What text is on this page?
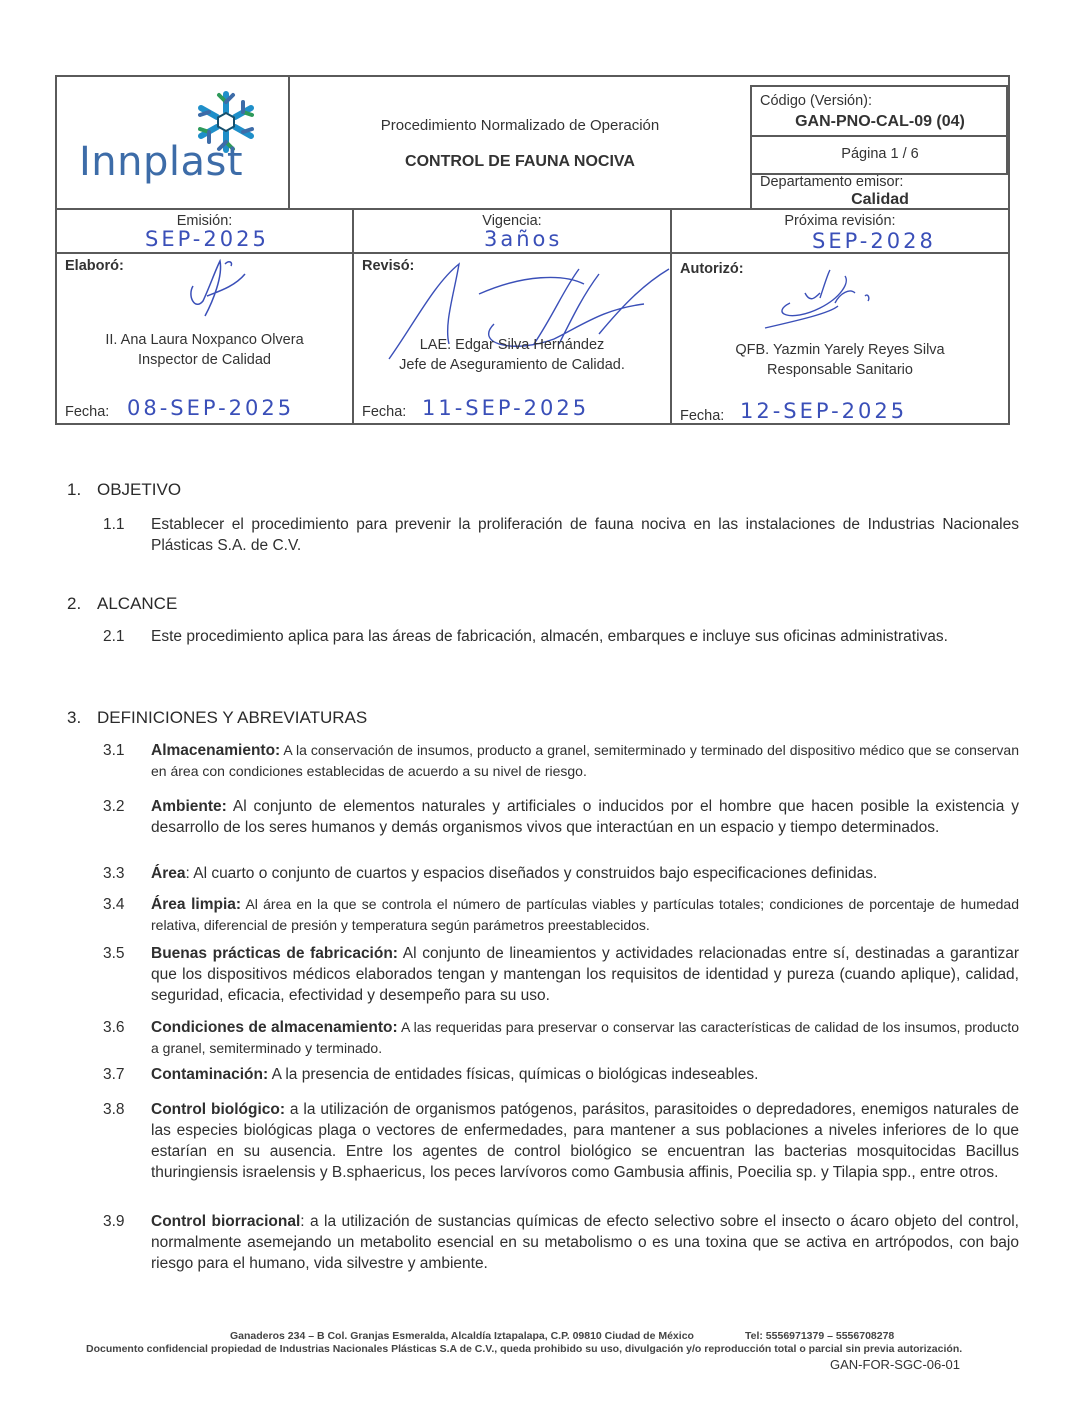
Innplast
Procedimiento Normalizado de Operación
CONTROL DE FAUNA NOCIVA
Código (Versión):
GAN-PNO-CAL-09 (04)
Página 1 / 6
Departamento emisor:
Calidad
Emisión:
SEP-2025
Elaboró:
II. Ana Laura Noxpanco Olvera
Inspector de Calidad
Fecha: 08-SEP-2025
Vigencia:
3años
Revisó:
LAE. Edgar Silva Hernández
Jefe de Aseguramiento de Calidad.
Fecha: 11-SEP-2025
Próxima revisión:
SEP-2028
Autorizó:
QFB. Yazmin Yarely Reyes Silva
Responsable Sanitario
Fecha: 12-SEP-2025
1. OBJETIVO
1.1 Establecer el procedimiento para prevenir la proliferación de fauna nociva en las instalaciones de Industrias Nacionales Plásticas S.A. de C.V.
2. ALCANCE
2.1 Este procedimiento aplica para las áreas de fabricación, almacén, embarques e incluye sus oficinas administrativas.
3. DEFINICIONES Y ABREVIATURAS
3.1 Almacenamiento: A la conservación de insumos, producto a granel, semiterminado y terminado del dispositivo médico que se conservan en área con condiciones establecidas de acuerdo a su nivel de riesgo.
3.2 Ambiente: Al conjunto de elementos naturales y artificiales o inducidos por el hombre que hacen posible la existencia y desarrollo de los seres humanos y demás organismos vivos que interactúan en un espacio y tiempo determinados.
3.3 Área: Al cuarto o conjunto de cuartos y espacios diseñados y construidos bajo especificaciones definidas.
3.4 Área limpia: Al área en la que se controla el número de partículas viables y partículas totales; condiciones de porcentaje de humedad relativa, diferencial de presión y temperatura según parámetros preestablecidos.
3.5 Buenas prácticas de fabricación: Al conjunto de lineamientos y actividades relacionadas entre sí, destinadas a garantizar que los dispositivos médicos elaborados tengan y mantengan los requisitos de identidad y pureza (cuando aplique), calidad, seguridad, eficacia, efectividad y desempeño para su uso.
3.6 Condiciones de almacenamiento: A las requeridas para preservar o conservar las características de calidad de los insumos, producto a granel, semiterminado y terminado.
3.7 Contaminación: A la presencia de entidades físicas, químicas o biológicas indeseables.
3.8 Control biológico: a la utilización de organismos patógenos, parásitos, parasitoides o depredadores, enemigos naturales de las especies biológicas plaga o vectores de enfermedades, para mantener a sus poblaciones a niveles inferiores de lo que estarían en su ausencia. Entre los agentes de control biológico se encuentran las bacterias mosquitocidas Bacillus thuringiensis israelensis y B.sphaericus, los peces larvívoros como Gambusia affinis, Poecilia sp. y Tilapia spp., entre otros.
3.9 Control biorracional: a la utilización de sustancias químicas de efecto selectivo sobre el insecto o ácaro objeto del control, normalmente asemejando un metabolito esencial en su metabolismo o es una toxina que se activa en artrópodos, con bajo riesgo para el humano, vida silvestre y ambiente.
Ganaderos 234 – B Col. Granjas Esmeralda, Alcaldía Iztapalapa, C.P. 09810 Ciudad de México	Tel: 5556971379 – 5556708278
Documento confidencial propiedad de Industrias Nacionales Plásticas S.A de C.V., queda prohibido su uso, divulgación y/o reproducción total o parcial sin previa autorización.
GAN-FOR-SGC-06-01
